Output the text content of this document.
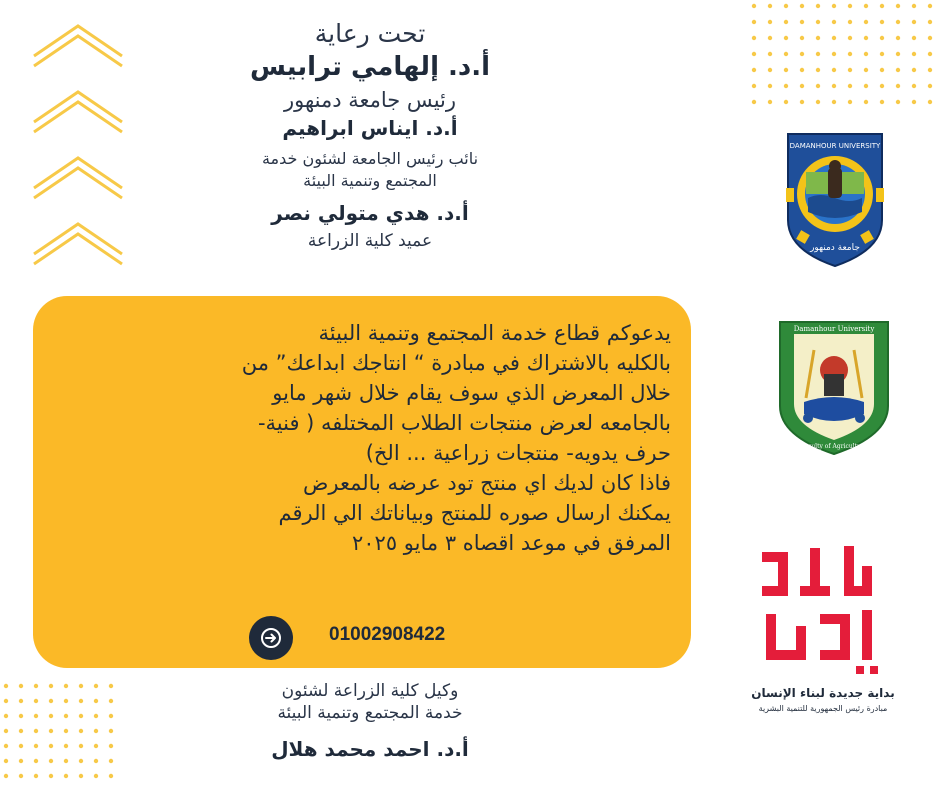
تحت رعاية
أ.د. إلهامي ترابيس
رئيس جامعة دمنهور
أ.د. ايناس ابراهيم
نائب رئيس الجامعة لشئون خدمة
المجتمع وتنمية البيئة
أ.د. هدي متولي نصر
عميد كلية الزراعة
يدعوكم قطاع خدمة المجتمع وتنمية البيئة
بالكليه بالاشتراك في مبادرة “ انتاجك ابداعك” من
خلال المعرض الذي سوف يقام خلال شهر مايو
بالجامعه لعرض منتجات الطلاب المختلفه ( فنية-
حرف يدويه- منتجات زراعية ... الخ)
فاذا كان لديك اي منتج تود عرضه بالمعرض
يمكنك ارسال صوره للمنتج وبياناتك الي الرقم
المرفق في موعد اقصاه ٣ مايو ٢٠٢٥
01002908422
DAMANHOUR UNIVERSITY
جامعة دمنهور
Damanhour University
Faculty of Agriculture
بداية جديدة لبناء الإنسان
مبادرة رئيس الجمهورية للتنمية البشرية
وكيل كلية الزراعة لشئون
خدمة المجتمع وتنمية البيئة
أ.د. احمد محمد هلال
